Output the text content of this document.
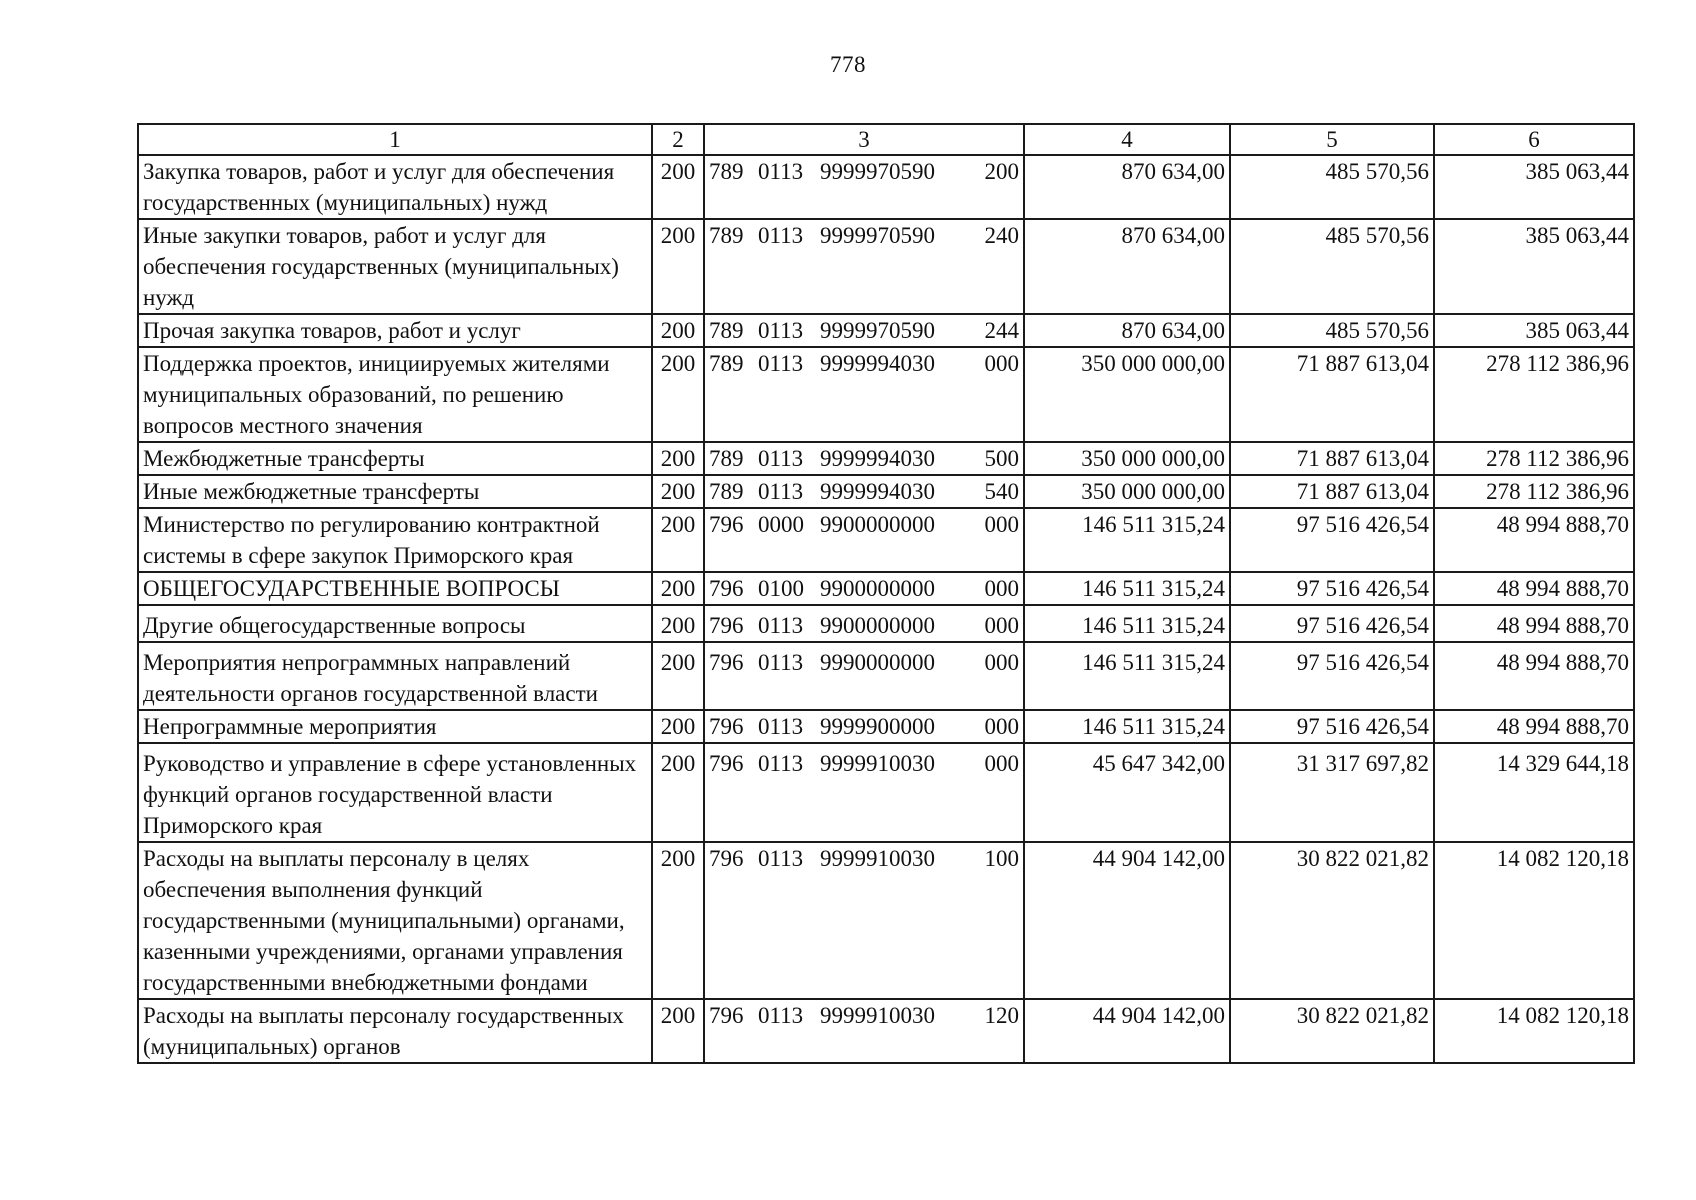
778
1	2	3	4	5	6
Закупка товаров, работ и услуг для обеспечения государственных (муниципальных) нужд	200	789 0113 9999970590 200	870 634,00	485 570,56	385 063,44
Иные закупки товаров, работ и услуг для обеспечения государственных (муниципальных) нужд	200	789 0113 9999970590 240	870 634,00	485 570,56	385 063,44
Прочая закупка товаров, работ и услуг	200	789 0113 9999970590 244	870 634,00	485 570,56	385 063,44
Поддержка проектов, инициируемых жителями муниципальных образований, по решению вопросов местного значения	200	789 0113 9999994030 000	350 000 000,00	71 887 613,04	278 112 386,96
Межбюджетные трансферты	200	789 0113 9999994030 500	350 000 000,00	71 887 613,04	278 112 386,96
Иные межбюджетные трансферты	200	789 0113 9999994030 540	350 000 000,00	71 887 613,04	278 112 386,96
Министерство по регулированию контрактной системы в сфере закупок Приморского края	200	796 0000 9900000000 000	146 511 315,24	97 516 426,54	48 994 888,70
ОБЩЕГОСУДАРСТВЕННЫЕ ВОПРОСЫ	200	796 0100 9900000000 000	146 511 315,24	97 516 426,54	48 994 888,70
Другие общегосударственные вопросы	200	796 0113 9900000000 000	146 511 315,24	97 516 426,54	48 994 888,70
Мероприятия непрограммных направлений деятельности органов государственной власти	200	796 0113 9990000000 000	146 511 315,24	97 516 426,54	48 994 888,70
Непрограммные мероприятия	200	796 0113 9999900000 000	146 511 315,24	97 516 426,54	48 994 888,70
Руководство и управление в сфере установленных функций органов государственной власти Приморского края	200	796 0113 9999910030 000	45 647 342,00	31 317 697,82	14 329 644,18
Расходы на выплаты персоналу в целях обеспечения выполнения функций государственными (муниципальными) органами, казенными учреждениями, органами управления государственными внебюджетными фондами	200	796 0113 9999910030 100	44 904 142,00	30 822 021,82	14 082 120,18
Расходы на выплаты персоналу государственных (муниципальных) органов	200	796 0113 9999910030 120	44 904 142,00	30 822 021,82	14 082 120,18
